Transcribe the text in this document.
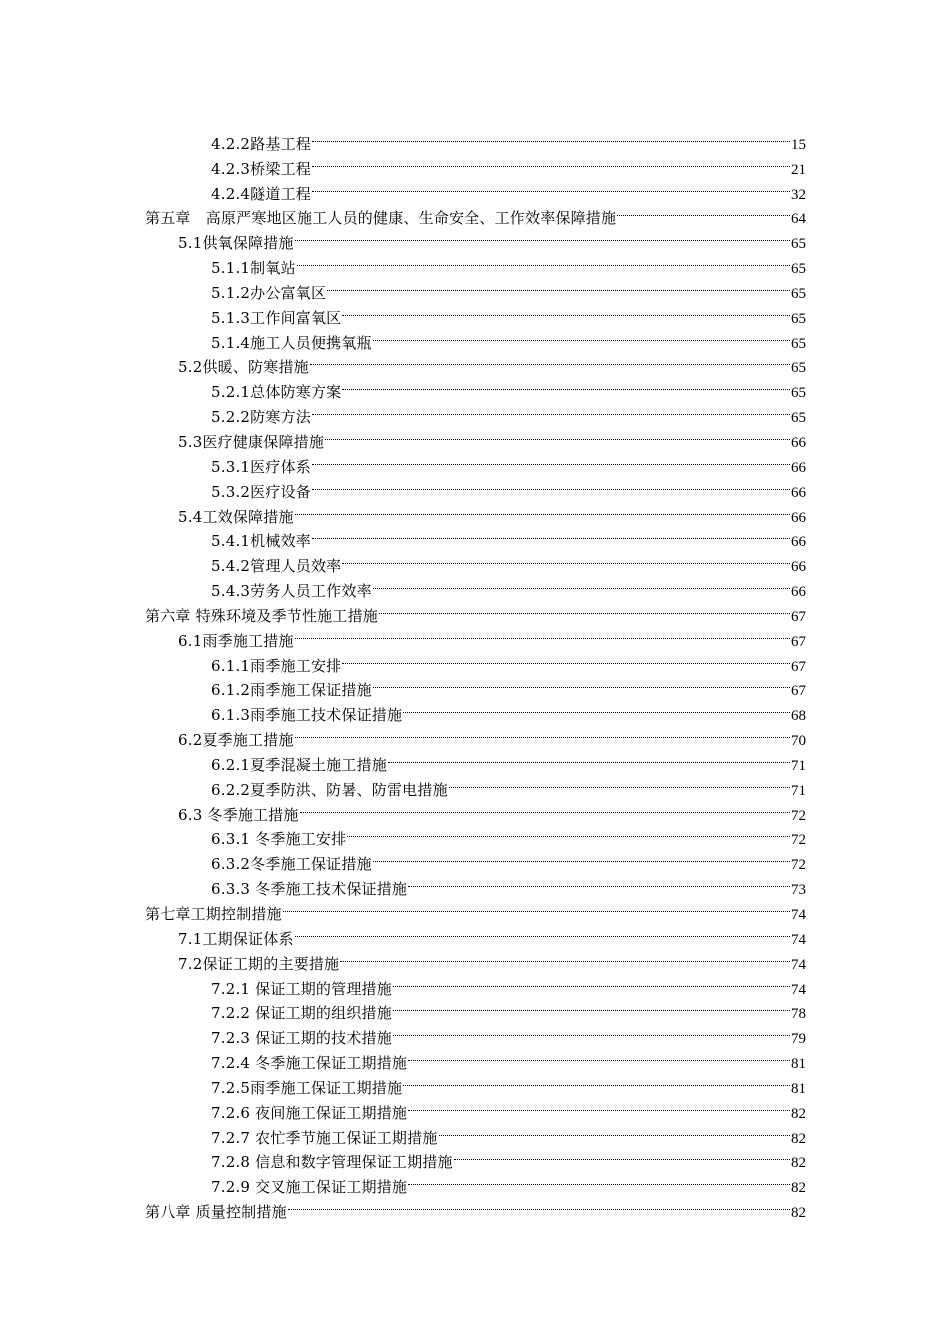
4.2.2路基工程	15
4.2.3桥梁工程	21
4.2.4隧道工程	32
第五章　高原严寒地区施工人员的健康、生命安全、工作效率保障措施	64
5.1供氧保障措施	65
5.1.1制氧站	65
5.1.2办公富氧区	65
5.1.3工作间富氧区	65
5.1.4施工人员便携氧瓶	65
5.2供暖、防寒措施	65
5.2.1总体防寒方案	65
5.2.2防寒方法	65
5.3医疗健康保障措施	66
5.3.1医疗体系	66
5.3.2医疗设备	66
5.4工效保障措施	66
5.4.1机械效率	66
5.4.2管理人员效率	66
5.4.3劳务人员工作效率	66
第六章 特殊环境及季节性施工措施	67
6.1雨季施工措施	67
6.1.1雨季施工安排	67
6.1.2雨季施工保证措施	67
6.1.3雨季施工技术保证措施	68
6.2夏季施工措施	70
6.2.1夏季混凝土施工措施	71
6.2.2夏季防洪、防暑、防雷电措施	71
6.3 冬季施工措施	72
6.3.1 冬季施工安排	72
6.3.2冬季施工保证措施	72
6.3.3 冬季施工技术保证措施	73
第七章工期控制措施	74
7.1工期保证体系	74
7.2保证工期的主要措施	74
7.2.1 保证工期的管理措施	74
7.2.2 保证工期的组织措施	78
7.2.3 保证工期的技术措施	79
7.2.4 冬季施工保证工期措施	81
7.2.5雨季施工保证工期措施	81
7.2.6 夜间施工保证工期措施	82
7.2.7 农忙季节施工保证工期措施	82
7.2.8 信息和数字管理保证工期措施	82
7.2.9 交叉施工保证工期措施	82
第八章 质量控制措施	82
